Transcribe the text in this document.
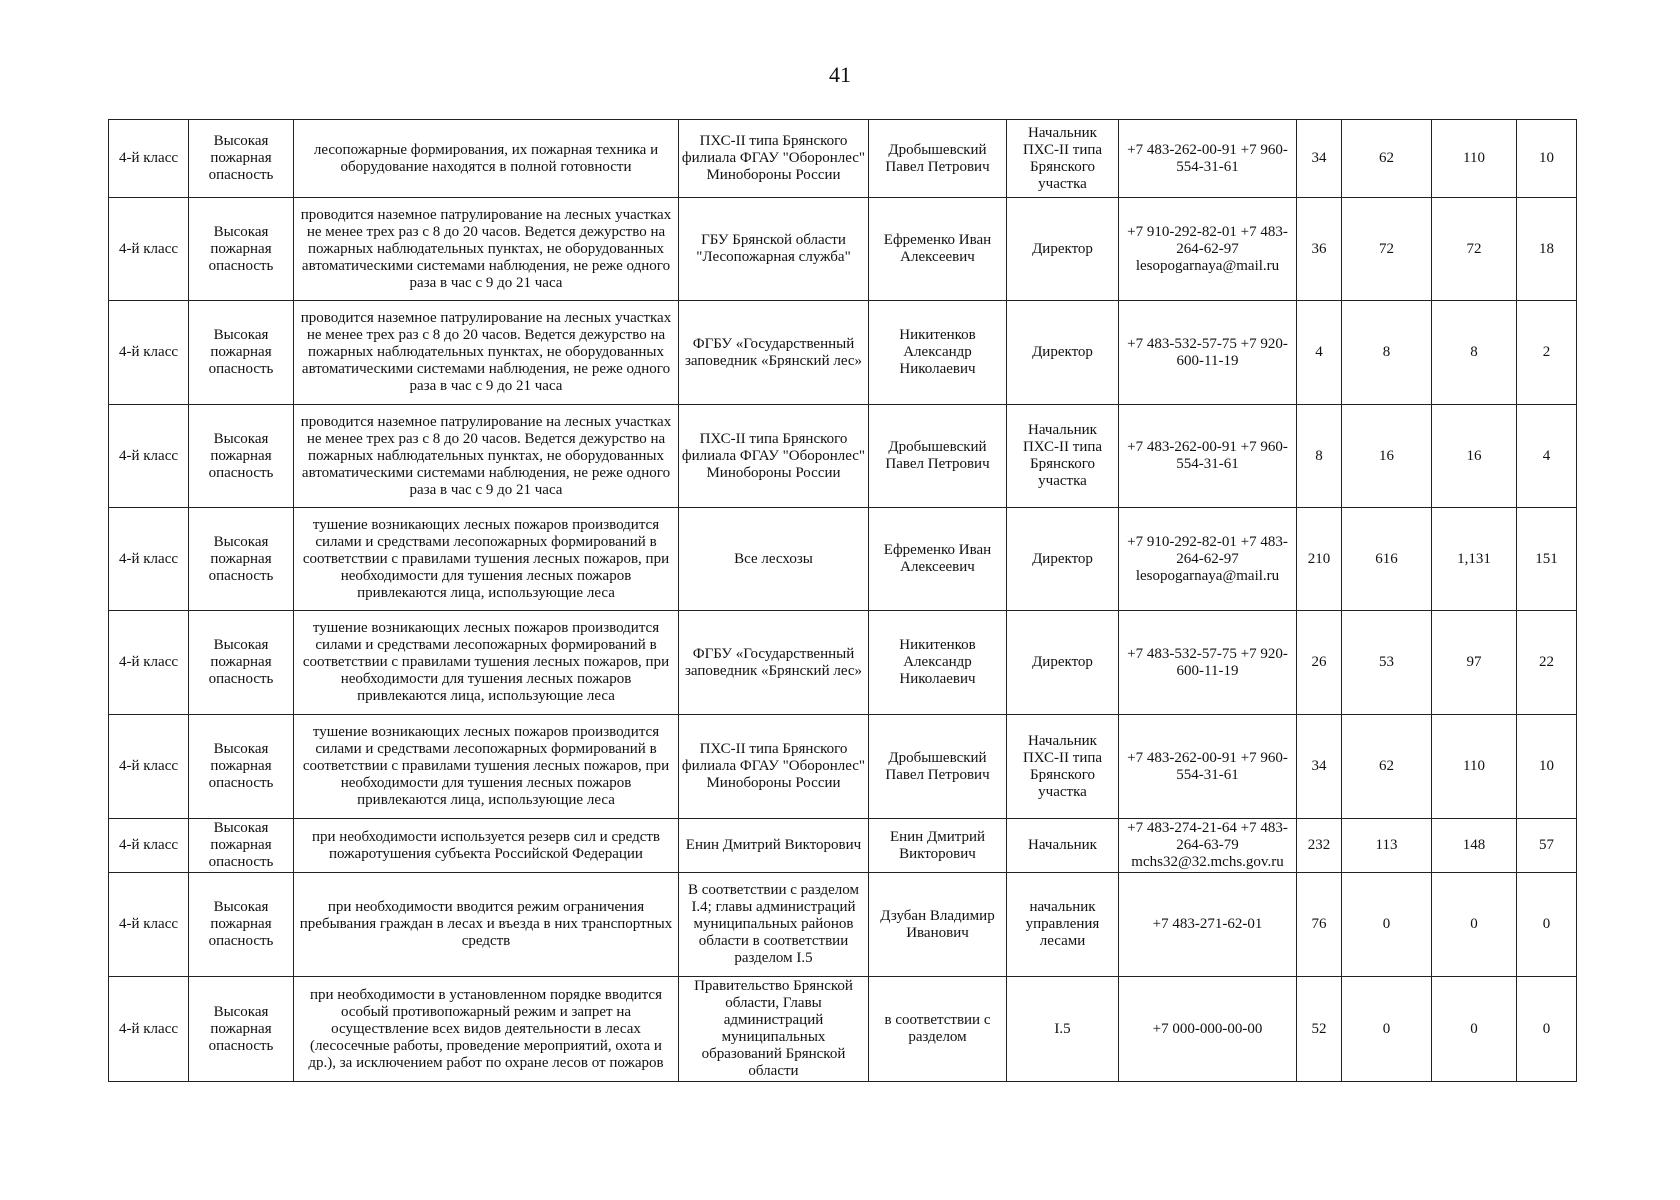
41
4-й класс	Высокая пожарная опасность	лесопожарные формирования, их пожарная техника и оборудование находятся в полной готовности	ПХС-II типа Брянского филиала ФГАУ "Оборонлес" Минобороны России	Дробышевский Павел Петрович	Начальник ПХС-II типа Брянского участка	+7 483-262-00-91 +7 960-554-31-61	34	62	110	10
4-й класс	Высокая пожарная опасность	проводится наземное патрулирование на лесных участках не менее трех раз с 8 до 20 часов. Ведется дежурство на пожарных наблюдательных пунктах, не оборудованных автоматическими системами наблюдения, не реже одного раза в час с 9 до 21 часа	ГБУ Брянской области "Лесопожарная служба"	Ефременко Иван Алексеевич	Директор	+7 910-292-82-01 +7 483-264-62-97 lesopogarnaya@mail.ru	36	72	72	18
4-й класс	Высокая пожарная опасность	проводится наземное патрулирование на лесных участках не менее трех раз с 8 до 20 часов. Ведется дежурство на пожарных наблюдательных пунктах, не оборудованных автоматическими системами наблюдения, не реже одного раза в час с 9 до 21 часа	ФГБУ «Государственный заповедник «Брянский лес»	Никитенков Александр Николаевич	Директор	+7 483-532-57-75 +7 920-600-11-19	4	8	8	2
4-й класс	Высокая пожарная опасность	проводится наземное патрулирование на лесных участках не менее трех раз с 8 до 20 часов. Ведется дежурство на пожарных наблюдательных пунктах, не оборудованных автоматическими системами наблюдения, не реже одного раза в час с 9 до 21 часа	ПХС-II типа Брянского филиала ФГАУ "Оборонлес" Минобороны России	Дробышевский Павел Петрович	Начальник ПХС-II типа Брянского участка	+7 483-262-00-91 +7 960-554-31-61	8	16	16	4
4-й класс	Высокая пожарная опасность	тушение возникающих лесных пожаров производится силами и средствами лесопожарных формирований в соответствии с правилами тушения лесных пожаров, при необходимости для тушения лесных пожаров привлекаются лица, использующие леса	Все лесхозы	Ефременко Иван Алексеевич	Директор	+7 910-292-82-01 +7 483-264-62-97 lesopogarnaya@mail.ru	210	616	1,131	151
4-й класс	Высокая пожарная опасность	тушение возникающих лесных пожаров производится силами и средствами лесопожарных формирований в соответствии с правилами тушения лесных пожаров, при необходимости для тушения лесных пожаров привлекаются лица, использующие леса	ФГБУ «Государственный заповедник «Брянский лес»	Никитенков Александр Николаевич	Директор	+7 483-532-57-75 +7 920-600-11-19	26	53	97	22
4-й класс	Высокая пожарная опасность	тушение возникающих лесных пожаров производится силами и средствами лесопожарных формирований в соответствии с правилами тушения лесных пожаров, при необходимости для тушения лесных пожаров привлекаются лица, использующие леса	ПХС-II типа Брянского филиала ФГАУ "Оборонлес" Минобороны России	Дробышевский Павел Петрович	Начальник ПХС-II типа Брянского участка	+7 483-262-00-91 +7 960-554-31-61	34	62	110	10
4-й класс	Высокая пожарная опасность	при необходимости используется резерв сил и средств пожаротушения субъекта Российской Федерации	Енин Дмитрий Викторович	Енин Дмитрий Викторович	Начальник	+7 483-274-21-64 +7 483-264-63-79 mchs32@32.mchs.gov.ru	232	113	148	57
4-й класс	Высокая пожарная опасность	при необходимости вводится режим ограничения пребывания граждан в лесах и въезда в них транспортных средств	В соответствии с разделом I.4; главы администраций муниципальных районов области в соответствии разделом I.5	Дзубан Владимир Иванович	начальник управления лесами	+7 483-271-62-01	76	0	0	0
4-й класс	Высокая пожарная опасность	при необходимости в установленном порядке вводится особый противопожарный режим и запрет на осуществление всех видов деятельности в лесах (лесосечные работы, проведение мероприятий, охота и др.), за исключением работ по охране лесов от пожаров	Правительство Брянской области, Главы администраций муниципальных образований Брянской области	в соответствии с разделом	I.5	+7 000-000-00-00	52	0	0	0
